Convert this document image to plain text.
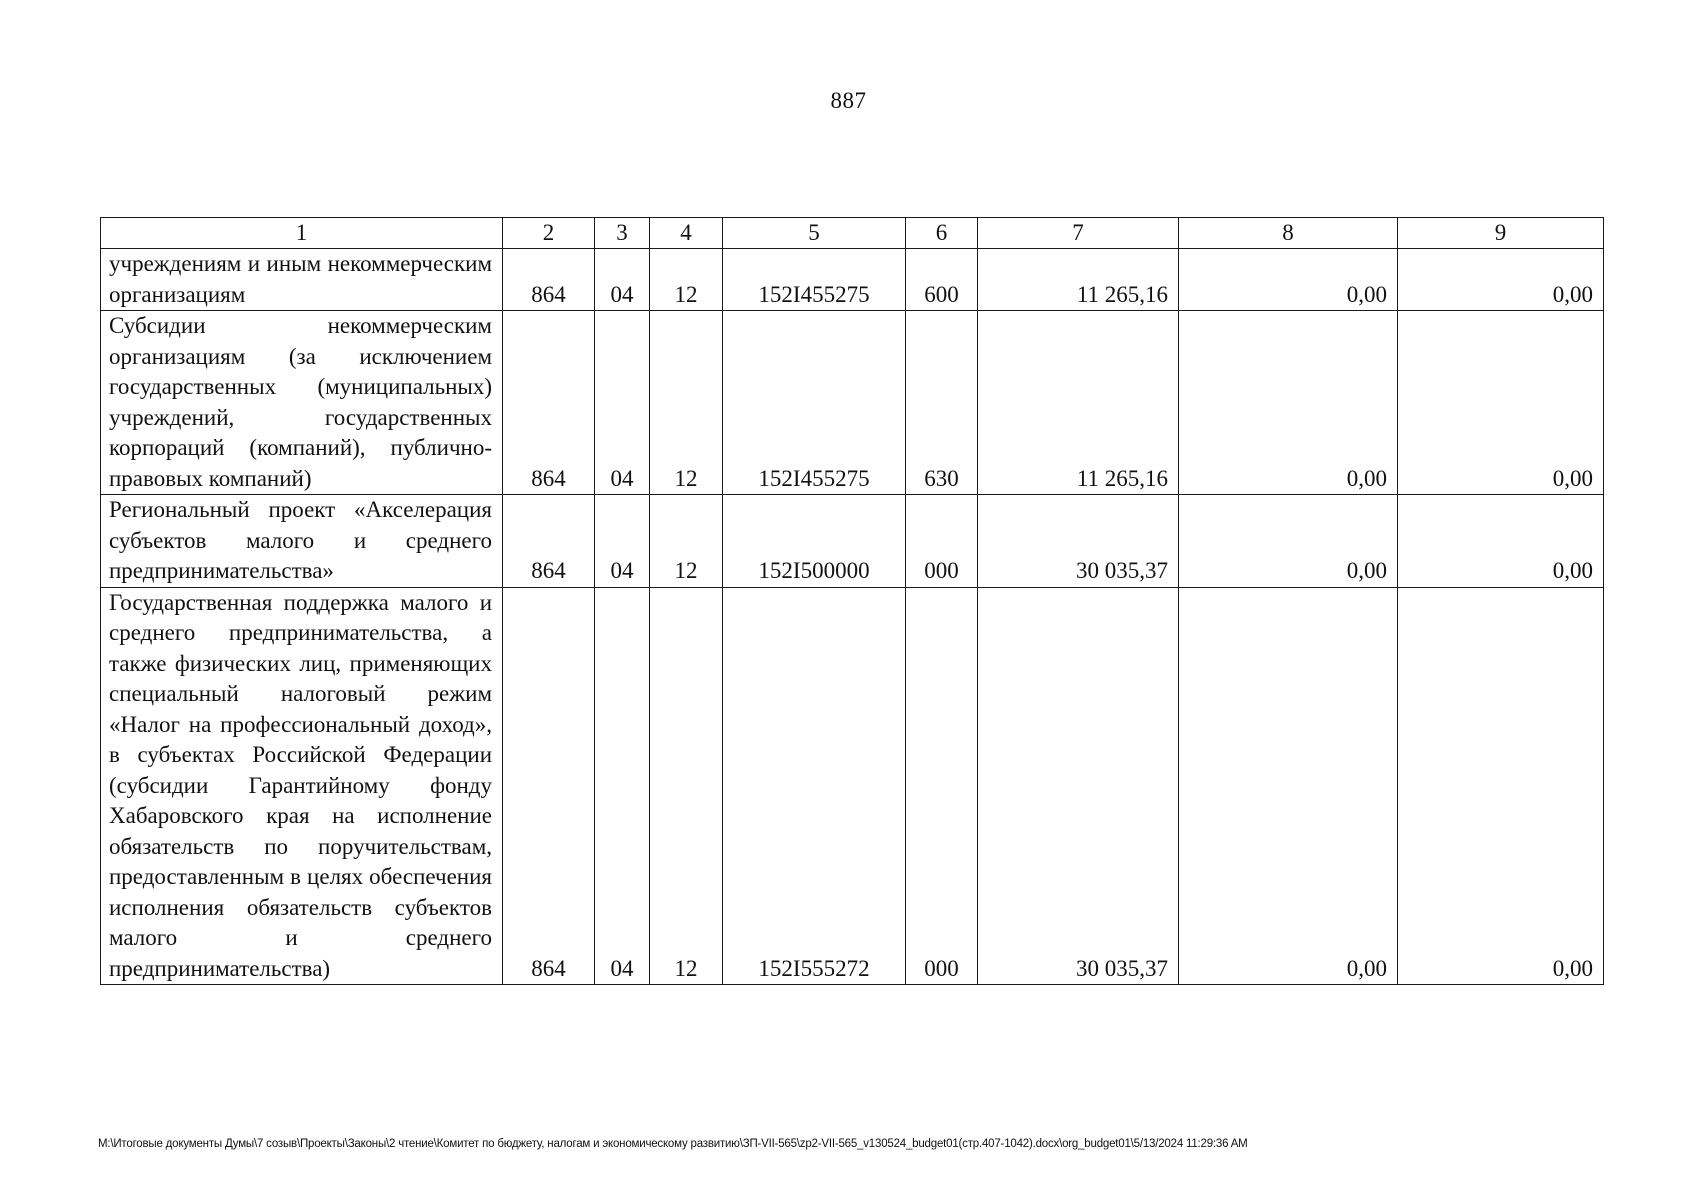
887
1	2	3	4	5	6	7	8	9
учреждениям и иным некоммерческим организациям	864	04	12	152I455275	600	11 265,16	0,00	0,00
Субсидии некоммерческим организациям (за исключением государственных (муниципальных) учреждений, государственных корпораций (компаний), публично-правовых компаний)	864	04	12	152I455275	630	11 265,16	0,00	0,00
Региональный проект «Акселерация субъектов малого и среднего предпринимательства»	864	04	12	152I500000	000	30 035,37	0,00	0,00
Государственная поддержка малого и среднего предпринимательства, а также физических лиц, применяющих специальный налоговый режим «Налог на профессиональный доход», в субъектах Российской Федерации (субсидии Гарантийному фонду Хабаровского края на исполнение обязательств по поручительствам, предоставленным в целях обеспечения исполнения обязательств субъектов малого и среднего предпринимательства)	864	04	12	152I555272	000	30 035,37	0,00	0,00
M:\Итоговые документы Думы\7 созыв\Проекты\Законы\2 чтение\Комитет по бюджету, налогам и экономическому развитию\ЗП-VII-565\zp2-VII-565_v130524_budget01(стр.407-1042).docx\org_budget01\5/13/2024 11:29:36 AM
